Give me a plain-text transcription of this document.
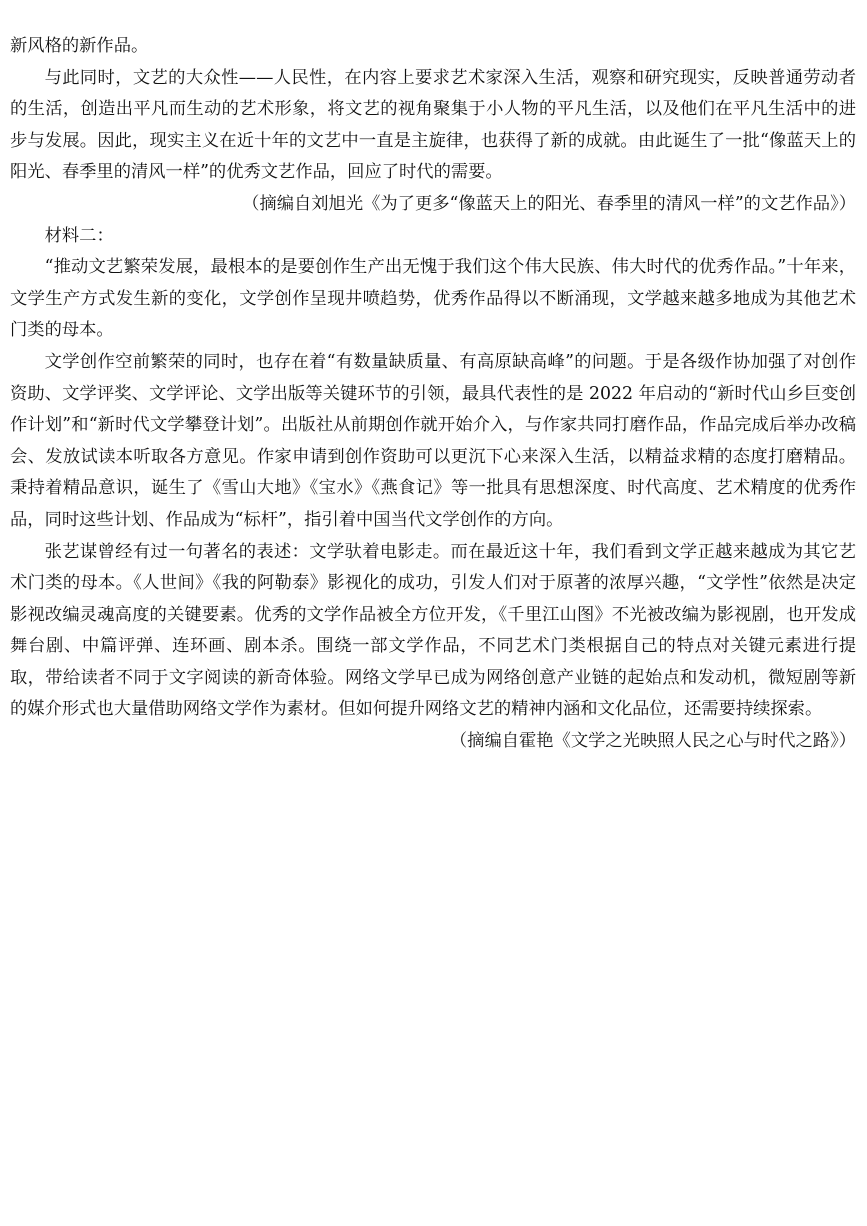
新风格的新作品。

与此同时，文艺的大众性——人民性，在内容上要求艺术家深入生活，观察和研究现实，反映普通劳动者的生活，创造出平凡而生动的艺术形象，将文艺的视角聚集于小人物的平凡生活，以及他们在平凡生活中的进步与发展。因此，现实主义在近十年的文艺中一直是主旋律，也获得了新的成就。由此诞生了一批“像蓝天上的阳光、春季里的清风一样”的优秀文艺作品，回应了时代的需要。

（摘编自刘旭光《为了更多“像蓝天上的阳光、春季里的清风一样”的文艺作品》）

材料二：

“推动文艺繁荣发展，最根本的是要创作生产出无愧于我们这个伟大民族、伟大时代的优秀作品。”十年来，文学生产方式发生新的变化，文学创作呈现井喷趋势，优秀作品得以不断涌现，文学越来越多地成为其他艺术门类的母本。

文学创作空前繁荣的同时，也存在着“有数量缺质量、有高原缺高峰”的问题。于是各级作协加强了对创作资助、文学评奖、文学评论、文学出版等关键环节的引领，最具代表性的是 2022 年启动的“新时代山乡巨变创作计划”和“新时代文学攀登计划”。出版社从前期创作就开始介入，与作家共同打磨作品，作品完成后举办改稿会、发放试读本听取各方意见。作家申请到创作资助可以更沉下心来深入生活，以精益求精的态度打磨精品。秉持着精品意识，诞生了《雪山大地》《宝水》《燕食记》等一批具有思想深度、时代高度、艺术精度的优秀作品，同时这些计划、作品成为“标杆”，指引着中国当代文学创作的方向。

张艺谋曾经有过一句著名的表述：文学驮着电影走。而在最近这十年，我们看到文学正越来越成为其它艺术门类的母本。《人世间》《我的阿勒泰》影视化的成功，引发人们对于原著的浓厚兴趣，“文学性”依然是决定影视改编灵魂高度的关键要素。优秀的文学作品被全方位开发，《千里江山图》不光被改编为影视剧，也开发成舞台剧、中篇评弹、连环画、剧本杀。围绕一部文学作品，不同艺术门类根据自己的特点对关键元素进行提取，带给读者不同于文字阅读的新奇体验。网络文学早已成为网络创意产业链的起始点和发动机，微短剧等新的媒介形式也大量借助网络文学作为素材。但如何提升网络文艺的精神内涵和文化品位，还需要持续探索。

（摘编自霍艳《文学之光映照人民之心与时代之路》）
